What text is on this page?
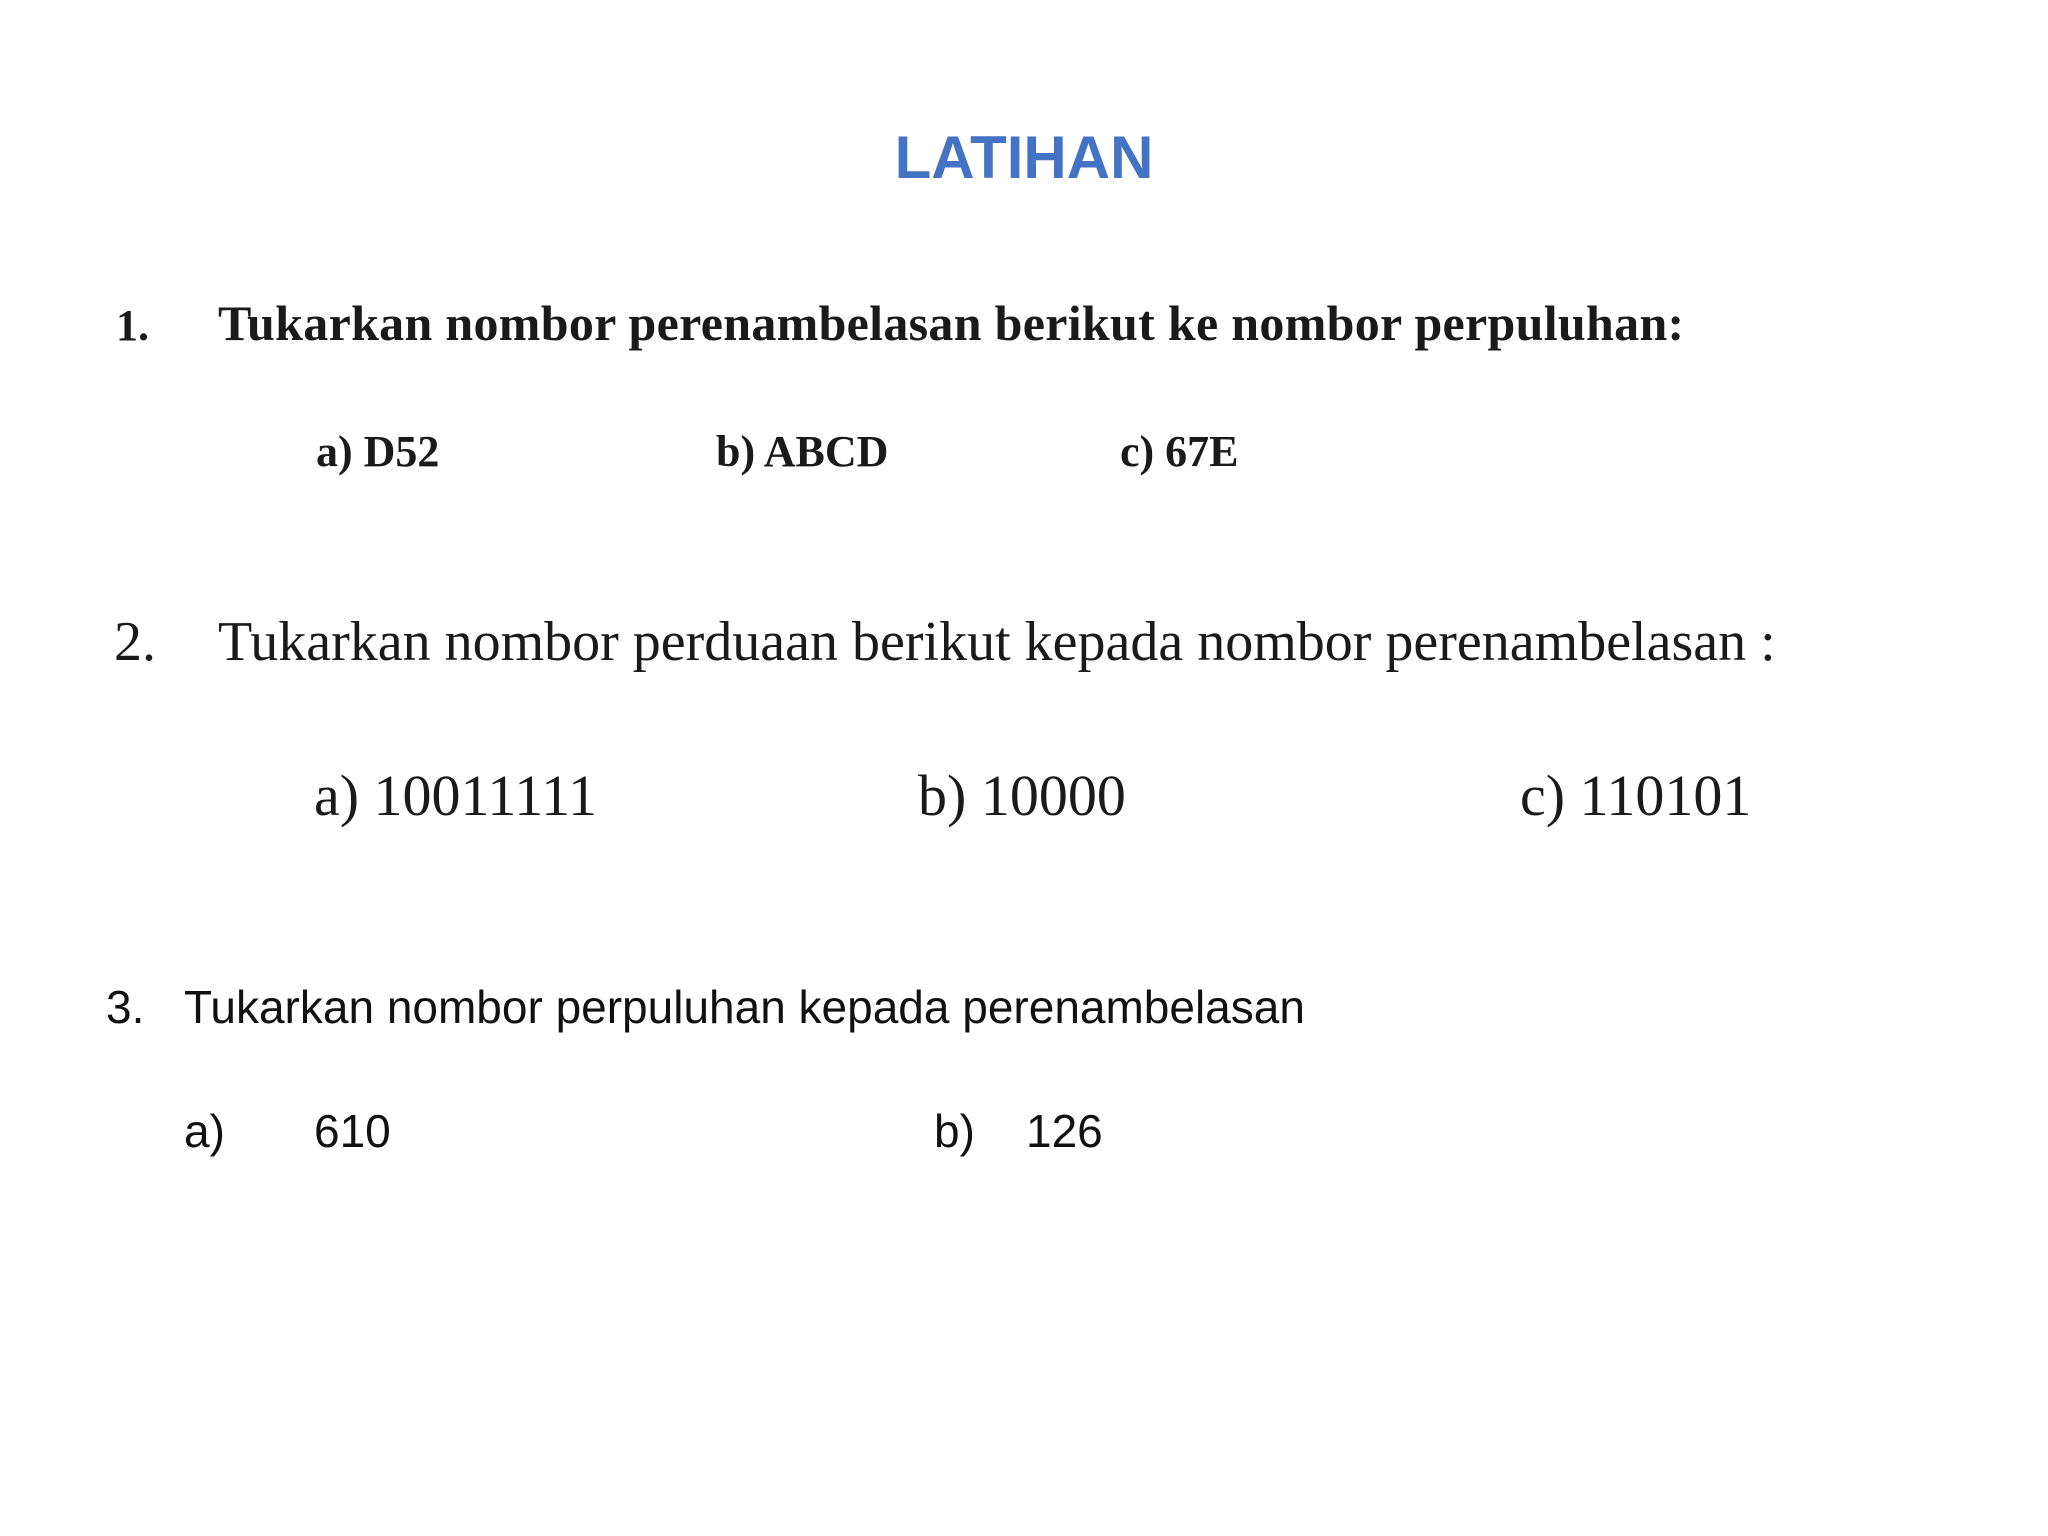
LATIHAN
1. Tukarkan nombor perenambelasan berikut ke nombor perpuluhan:
a) D52	b) ABCD	c) 67E
2. Tukarkan nombor perduaan berikut kepada nombor perenambelasan :
a) 10011111	b) 10000	c) 110101
3. Tukarkan nombor perpuluhan kepada perenambelasan
a) 610	b) 126
